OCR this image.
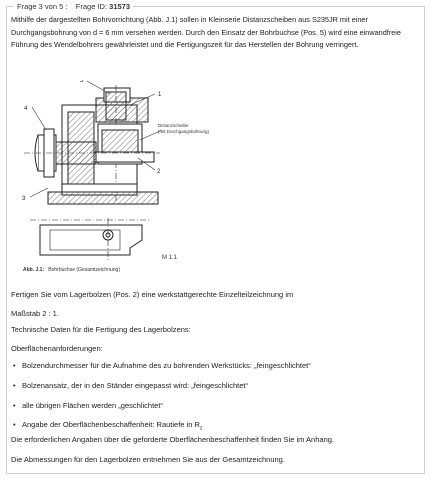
Frage 3 von 5 : Frage ID: 31573
Mithilfe der dargestellten Bohrvorrichtung (Abb. J.1) sollen in Kleinserie Distanzscheiben aus S235JR mit einer Durchgangsbohrung von d = 6 mm versehen werden. Durch den Einsatz der Bohrbuchse (Pos. 5) wird eine einwandfreie Führung des Wendelbohrers gewährleistet und die Fertigungszeit für das Herstellen der Bohrung verringert.
5
1
4
2
3
Distanzscheibe
(mit Durchgangsbohrung)
M 1:1
Abb. J.1: Bohrbuchse (Gesamtzeichnung)
Fertigen Sie vom Lagerbolzen (Pos. 2) eine werkstattgerechte Einzelteilzeichnung im
Maßstab 2 : 1.
Technische Daten für die Fertigung des Lagerbolzens:
Oberflächenanforderungen:
• Bolzendurchmesser für die Aufnahme des zu bohrenden Werkstücks: „feingeschlichtet“
• Bolzenansatz, der in den Ständer eingepasst wird: „feingeschlichtet“
• alle übrigen Flächen werden „geschlichtet“
• Angabe der Oberflächenbeschaffenheit: Rautiefe in $R_z$
Die erforderlichen Angaben über die geforderte Oberflächenbeschaffenheit finden Sie im Anhang.
Die Abmessungen für den Lagerbolzen entnehmen Sie aus der Gesamtzeichnung.
